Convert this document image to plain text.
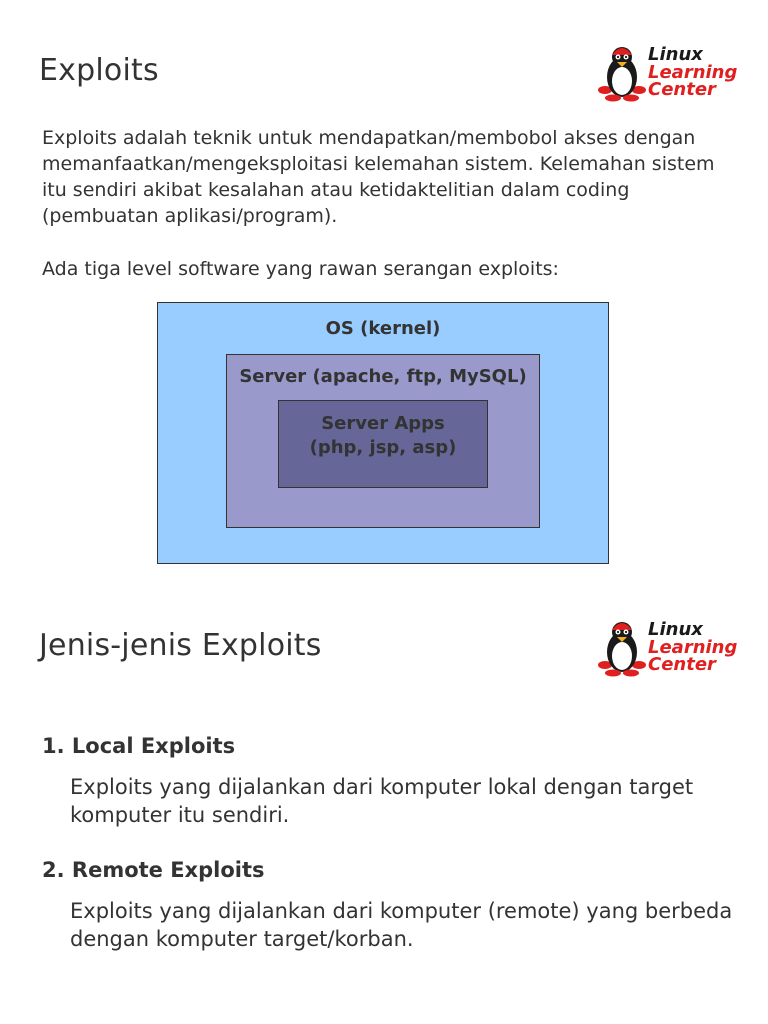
Exploits	Linux
Learning
Center

Exploits adalah teknik untuk mendapatkan/membobol akses dengan memanfaatkan/mengeksploitasi kelemahan sistem. Kelemahan sistem itu sendiri akibat kesalahan atau ketidaktelitian dalam coding (pembuatan aplikasi/program).

Ada tiga level software yang rawan serangan exploits:

OS (kernel)
Server (apache, ftp, MySQL)
Server Apps
(php, jsp, asp)
Jenis-jenis Exploits	Linux
Learning
Center
1. Local Exploits

Exploits yang dijalankan dari komputer lokal dengan target komputer itu sendiri.

2. Remote Exploits

Exploits yang dijalankan dari komputer (remote) yang berbeda dengan komputer target/korban.
